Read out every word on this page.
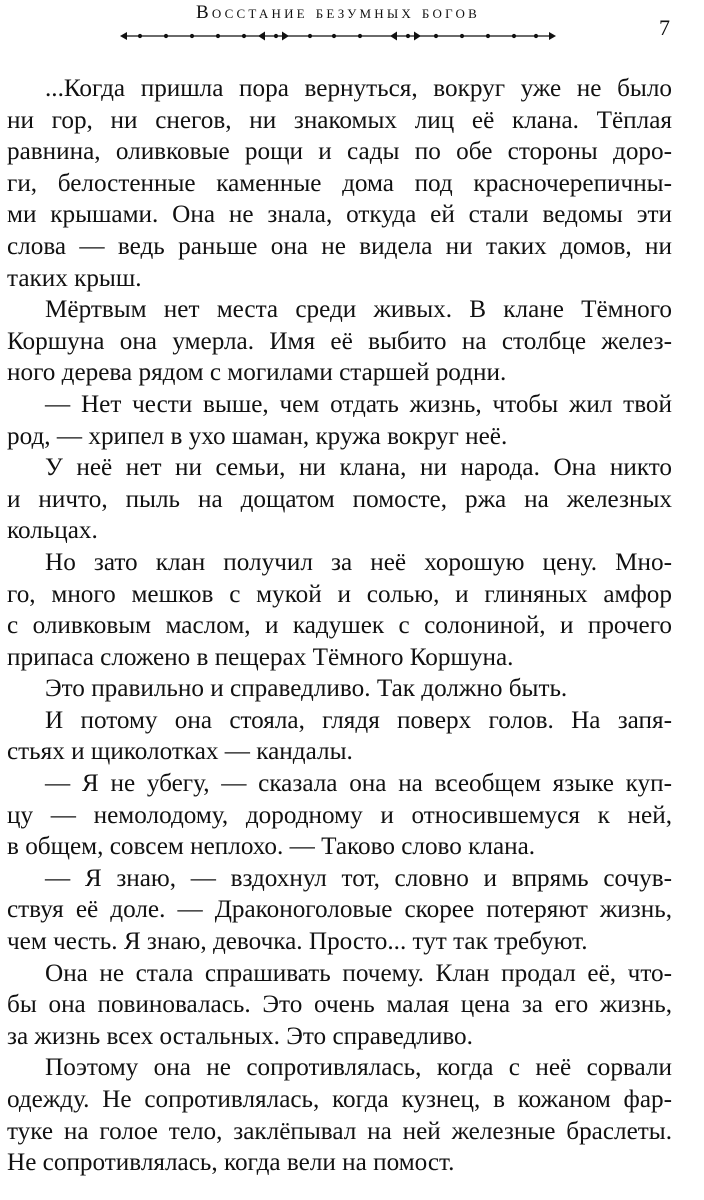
Восстание безумных богов
7
...Когда пришла пора вернуться, вокруг уже не было
ни гор, ни снегов, ни знакомых лиц её клана. Тёплая
равнина, оливковые рощи и сады по обе стороны доро-
ги, белостенные каменные дома под красночерепичны-
ми крышами. Она не знала, откуда ей стали ведомы эти
слова — ведь раньше она не видела ни таких домов, ни
таких крыш.
Мёртвым нет места среди живых. В клане Тёмного
Коршуна она умерла. Имя её выбито на столбце желез-
ного дерева рядом с могилами старшей родни.
— Нет чести выше, чем отдать жизнь, чтобы жил твой
род, — хрипел в ухо шаман, кружа вокруг неё.
У неё нет ни семьи, ни клана, ни народа. Она никто
и ничто, пыль на дощатом помосте, ржа на железных
кольцах.
Но зато клан получил за неё хорошую цену. Мно-
го, много мешков с мукой и солью, и глиняных амфор
с оливковым маслом, и кадушек с солониной, и прочего
припаса сложено в пещерах Тёмного Коршуна.
Это правильно и справедливо. Так должно быть.
И потому она стояла, глядя поверх голов. На запя-
стьях и щиколотках — кандалы.
— Я не убегу, — сказала она на всеобщем языке куп-
цу — немолодому, дородному и относившемуся к ней,
в общем, совсем неплохо. — Таково слово клана.
— Я знаю, — вздохнул тот, словно и впрямь сочув-
ствуя её доле. — Драконоголовые скорее потеряют жизнь,
чем честь. Я знаю, девочка. Просто... тут так требуют.
Она не стала спрашивать почему. Клан продал её, что-
бы она повиновалась. Это очень малая цена за его жизнь,
за жизнь всех остальных. Это справедливо.
Поэтому она не сопротивлялась, когда с неё сорвали
одежду. Не сопротивлялась, когда кузнец, в кожаном фар-
туке на голое тело, заклёпывал на ней железные браслеты.
Не сопротивлялась, когда вели на помост.
